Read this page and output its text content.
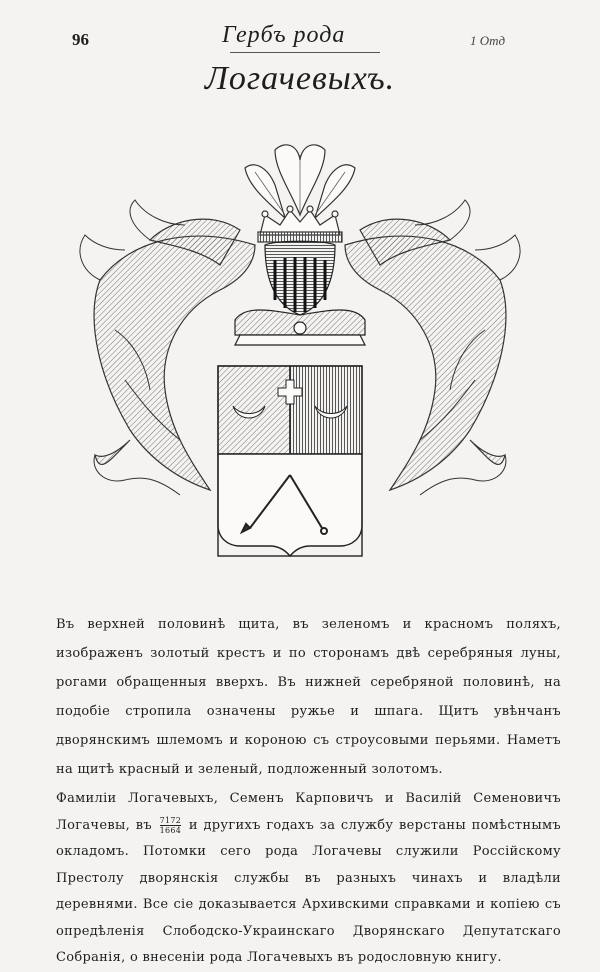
96	Гербъ рода	1 Отд
Логачевыхъ.

Въ верхней половинѣ щита, въ зеленомъ и красномъ поляхъ, изображенъ золотый крестъ и по сторонамъ двѣ серебряныя луны, рогами обращенныя вверхъ. Въ нижней серебряной половинѣ, на подобіе стропила означены ружье и шпага. Щитъ увѣнчанъ дворянскимъ шлемомъ и короною съ строусовыми перьями. Наметъ на щитѣ красный и зеленый, подложенный золотомъ.

Фамиліи Логачевыхъ, Семенъ Карповичъ и Василій Семеновичъ Логачевы, въ $\frac{7172}{1664}$ и другихъ годахъ за службу верстаны помѣстнымъ окладомъ. Потомки сего рода Логачевы служили Россійскому Престолу дворянскія службы въ разныхъ чинахъ и владѣли деревнями. Все сіе доказывается Архивскими справками и копіею съ опредѣленія Слободско-Украинскаго Дворянскаго Депутатскаго Собранія, о внесеніи рода Логачевыхъ въ родословную книгу.
